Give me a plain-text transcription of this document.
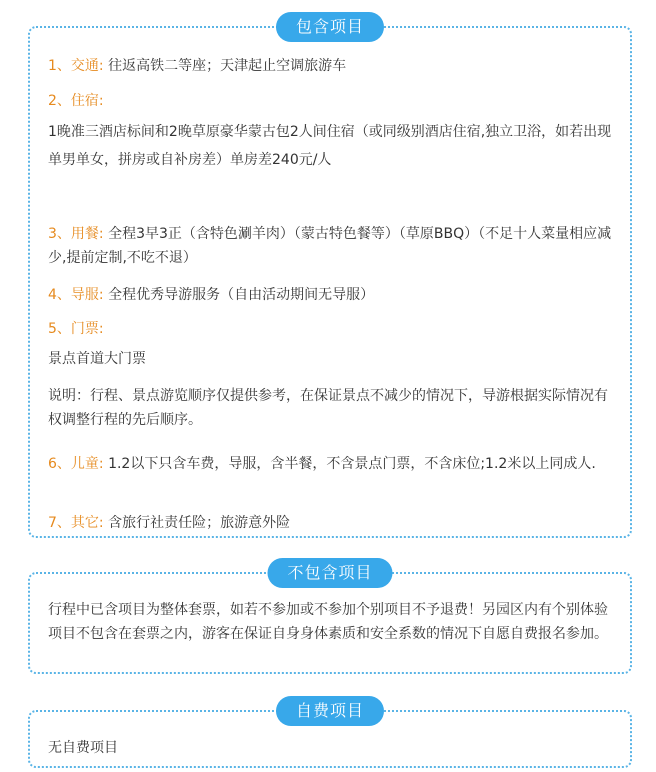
包含项目

1、交通: 往返高铁二等座；天津起止空调旅游车

2、住宿:

1晚准三酒店标间和2晚草原豪华蒙古包2人间住宿（或同级别酒店住宿,独立卫浴，如若出现单男单女，拼房或自补房差）单房差240元/人

3、用餐: 全程3早3正（含特色涮羊肉）（蒙古特色餐等）（草原BBQ）（不足十人菜量相应减少,提前定制,不吃不退）

4、导服: 全程优秀导游服务（自由活动期间无导服）

5、门票:

景点首道大门票

说明：行程、景点游览顺序仅提供参考，在保证景点不减少的情况下，导游根据实际情况有权调整行程的先后顺序。

6、儿童: 1.2以下只含车费，导服，含半餐，不含景点门票，不含床位;1.2米以上同成人.

7、其它: 含旅行社责任险；旅游意外险

不包含项目

行程中已含项目为整体套票，如若不参加或不参加个别项目不予退费！另园区内有个别体验项目不包含在套票之内，游客在保证自身身体素质和安全系数的情况下自愿自费报名参加。

自费项目

无自费项目
